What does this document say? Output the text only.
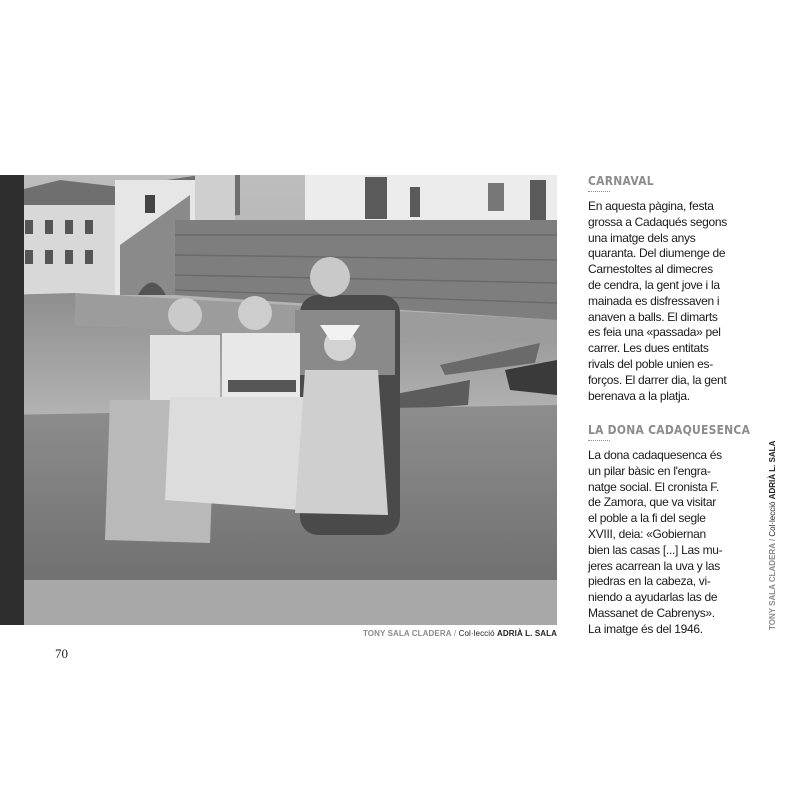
TONY SALA CLADERA / Col·lecció ADRIÀ L. SALA
TONY SALA CLADERA / Col·lecció ADRIÀ L. SALA
70
CARNAVAL
En aquesta pàgina, festa
grossa a Cadaqués segons
una imatge dels anys
quaranta. Del diumenge de
Carnestoltes al dimecres
de cendra, la gent jove i la
mainada es disfressaven i
anaven a balls. El dimarts
es feia una «passada» pel
carrer. Les dues entitats
rivals del poble unien es-
forços. El darrer dia, la gent
berenava a la platja.
LA DONA CADAQUESENCA
La dona cadaquesenca és
un pilar bàsic en l'engra-
natge social. El cronista F.
de Zamora, que va visitar
el poble a la fi del segle
XVIII, deia: «Gobiernan
bien las casas [...] Las mu-
jeres acarrean la uva y las
piedras en la cabeza, vi-
niendo a ayudarlas las de
Massanet de Cabrenys».
La imatge és del 1946.
